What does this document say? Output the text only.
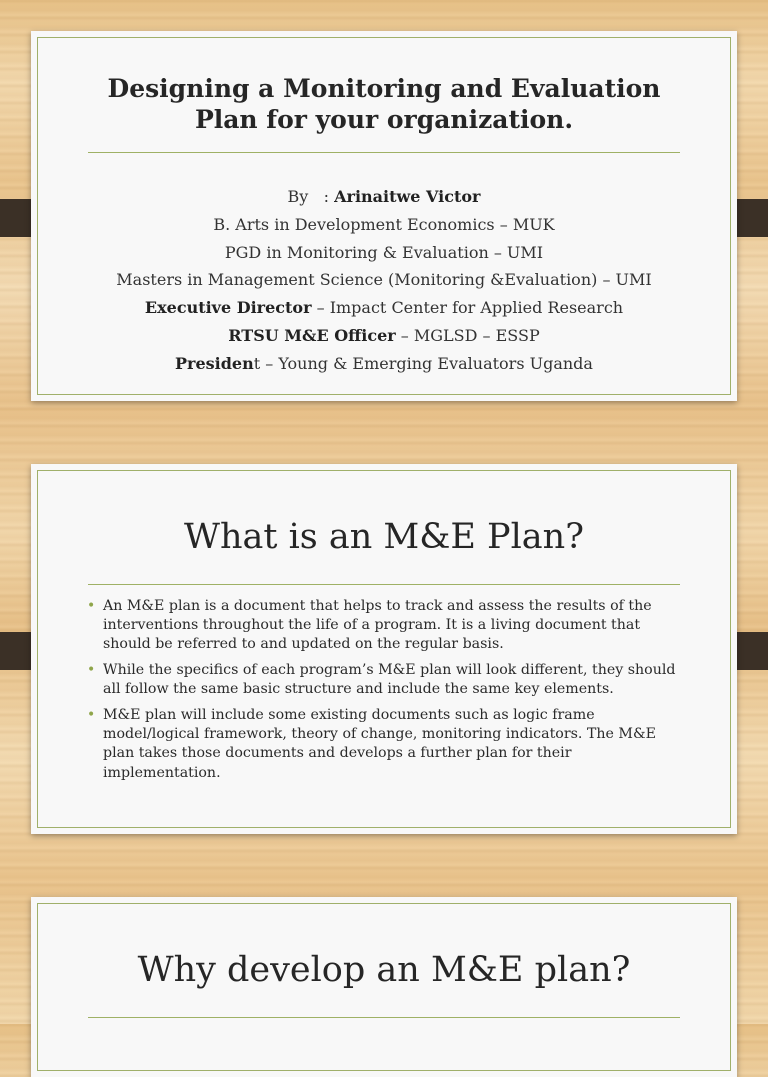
Designing a Monitoring and Evaluation
Plan for your organization.
By   : Arinaitwe Victor
B. Arts in Development Economics – MUK
PGD in Monitoring & Evaluation – UMI
Masters in Management Science (Monitoring &Evaluation) – UMI
Executive Director – Impact Center for Applied Research
RTSU M&E Officer – MGLSD – ESSP
President – Young & Emerging Evaluators Uganda
What is an M&E Plan?
• An M&E plan is a document that helps to track and assess the results of the interventions throughout the life of a program. It is a living document that should be referred to and updated on the regular basis.
• While the specifics of each program’s M&E plan will look different, they should all follow the same basic structure and include the same key elements.
• M&E plan will include some existing documents such as logic frame model/logical framework, theory of change, monitoring indicators. The M&E plan takes those documents and develops a further plan for their implementation.
Why develop an M&E plan?
